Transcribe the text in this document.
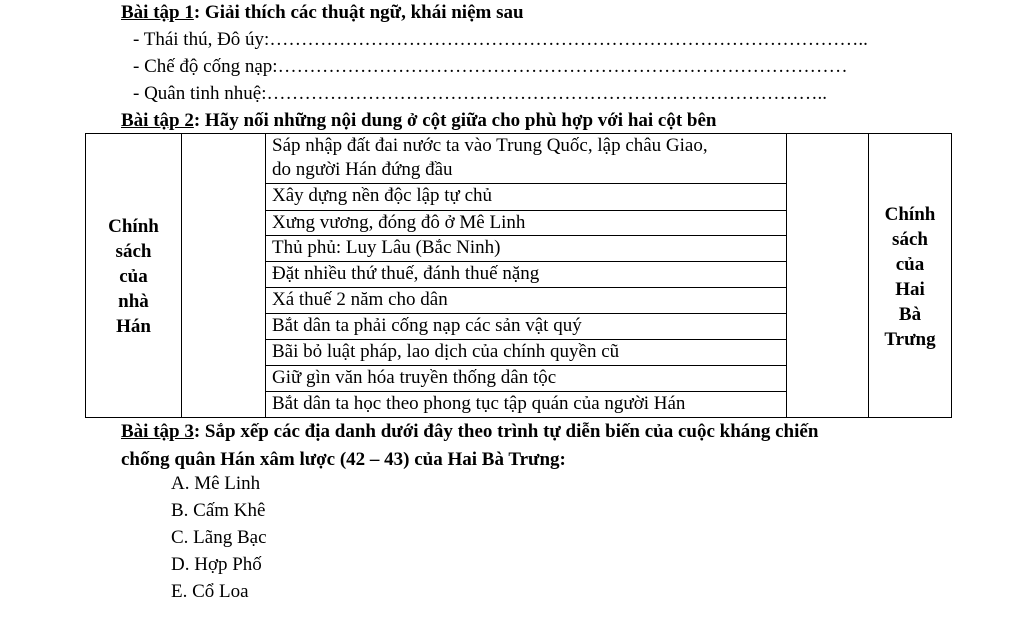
Bài tập 1: Giải thích các thuật ngữ, khái niệm sau
- Thái thú, Đô úy:…………………………………………………………………………………..
- Chế độ cống nạp:………………………………………………………………………………
- Quân tinh nhuệ:……………………………………………………………………………..
Bài tập 2: Hãy nối những nội dung ở cột giữa cho phù hợp với hai cột bên
Chính
sách
của
nhà
Hán
Chính
sách
của
Hai
Bà
Trưng
Sáp nhập đất đai nước ta vào Trung Quốc, lập châu Giao,
do người Hán đứng đầu
Xây dựng nền độc lập tự chủ
Xưng vương, đóng đô ở Mê Linh
Thủ phủ: Luy Lâu (Bắc Ninh)
Đặt nhiều thứ thuế, đánh thuế nặng
Xá thuế 2 năm cho dân
Bắt dân ta phải cống nạp các sản vật quý
Bãi bỏ luật pháp, lao dịch của chính quyền cũ
Giữ gìn văn hóa truyền thống dân tộc
Bắt dân ta học theo phong tục tập quán của người Hán
Bài tập 3: Sắp xếp các địa danh dưới đây theo trình tự diễn biến của cuộc kháng chiến
chống quân Hán xâm lược (42 – 43) của Hai Bà Trưng:
A. Mê Linh
B. Cấm Khê
C. Lãng Bạc
D. Hợp Phố
E. Cổ Loa
